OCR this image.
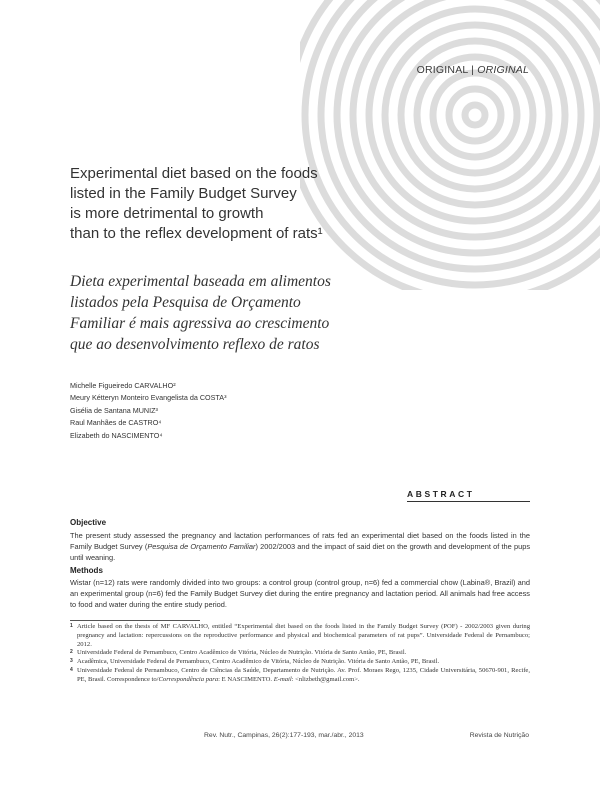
ORIGINAL | ORIGINAL
Experimental diet based on the foods
listed in the Family Budget Survey
is more detrimental to growth
than to the reflex development of rats¹
Dieta experimental baseada em alimentos
listados pela Pesquisa de Orçamento
Familiar é mais agressiva ao crescimento
que ao desenvolvimento reflexo de ratos
Michelle Figueiredo CARVALHO²
Meury Kétteryn Monteiro Evangelista da COSTA³
Gisélia de Santana MUNIZ³
Raul Manhães de CASTRO⁴
Elizabeth do NASCIMENTO⁴
ABSTRACT
Objective
The present study assessed the pregnancy and lactation performances of rats fed an experimental diet based on the foods listed in the Family Budget Survey (Pesquisa de Orçamento Familiar) 2002/2003 and the impact of said diet on the growth and development of the pups until weaning.
Methods
Wistar (n=12) rats were randomly divided into two groups: a control group (control group, n=6) fed a commercial chow (Labina®, Brazil) and an experimental group (n=6) fed the Family Budget Survey diet during the entire pregnancy and lactation period. All animals had free access to food and water during the entire study period.
1 Article based on the thesis of MF CARVALHO, entitled “Experimental diet based on the foods listed in the Family Budget Survey (POF) - 2002/2003 given during pregnancy and lactation: repercussions on the reproductive performance and physical and biochemical parameters of rat pups”. Universidade Federal de Pernambuco; 2012.
2 Universidade Federal de Pernambuco, Centro Acadêmico de Vitória, Núcleo de Nutrição. Vitória de Santo Antão, PE, Brasil.
3 Acadêmica, Universidade Federal de Pernambuco, Centro Acadêmico de Vitória, Núcleo de Nutrição. Vitória de Santo Antão, PE, Brasil.
4 Universidade Federal de Pernambuco, Centro de Ciências da Saúde, Departamento de Nutrição. Av. Prof. Moraes Rego, 1235, Cidade Universitária, 50670-901, Recife, PE, Brasil. Correspondence to/Correspondência para: E NASCIMENTO. E-mail: <nlizbeth@gmail.com>.
Rev. Nutr., Campinas, 26(2):177-193, mar./abr., 2013	Revista de Nutrição
